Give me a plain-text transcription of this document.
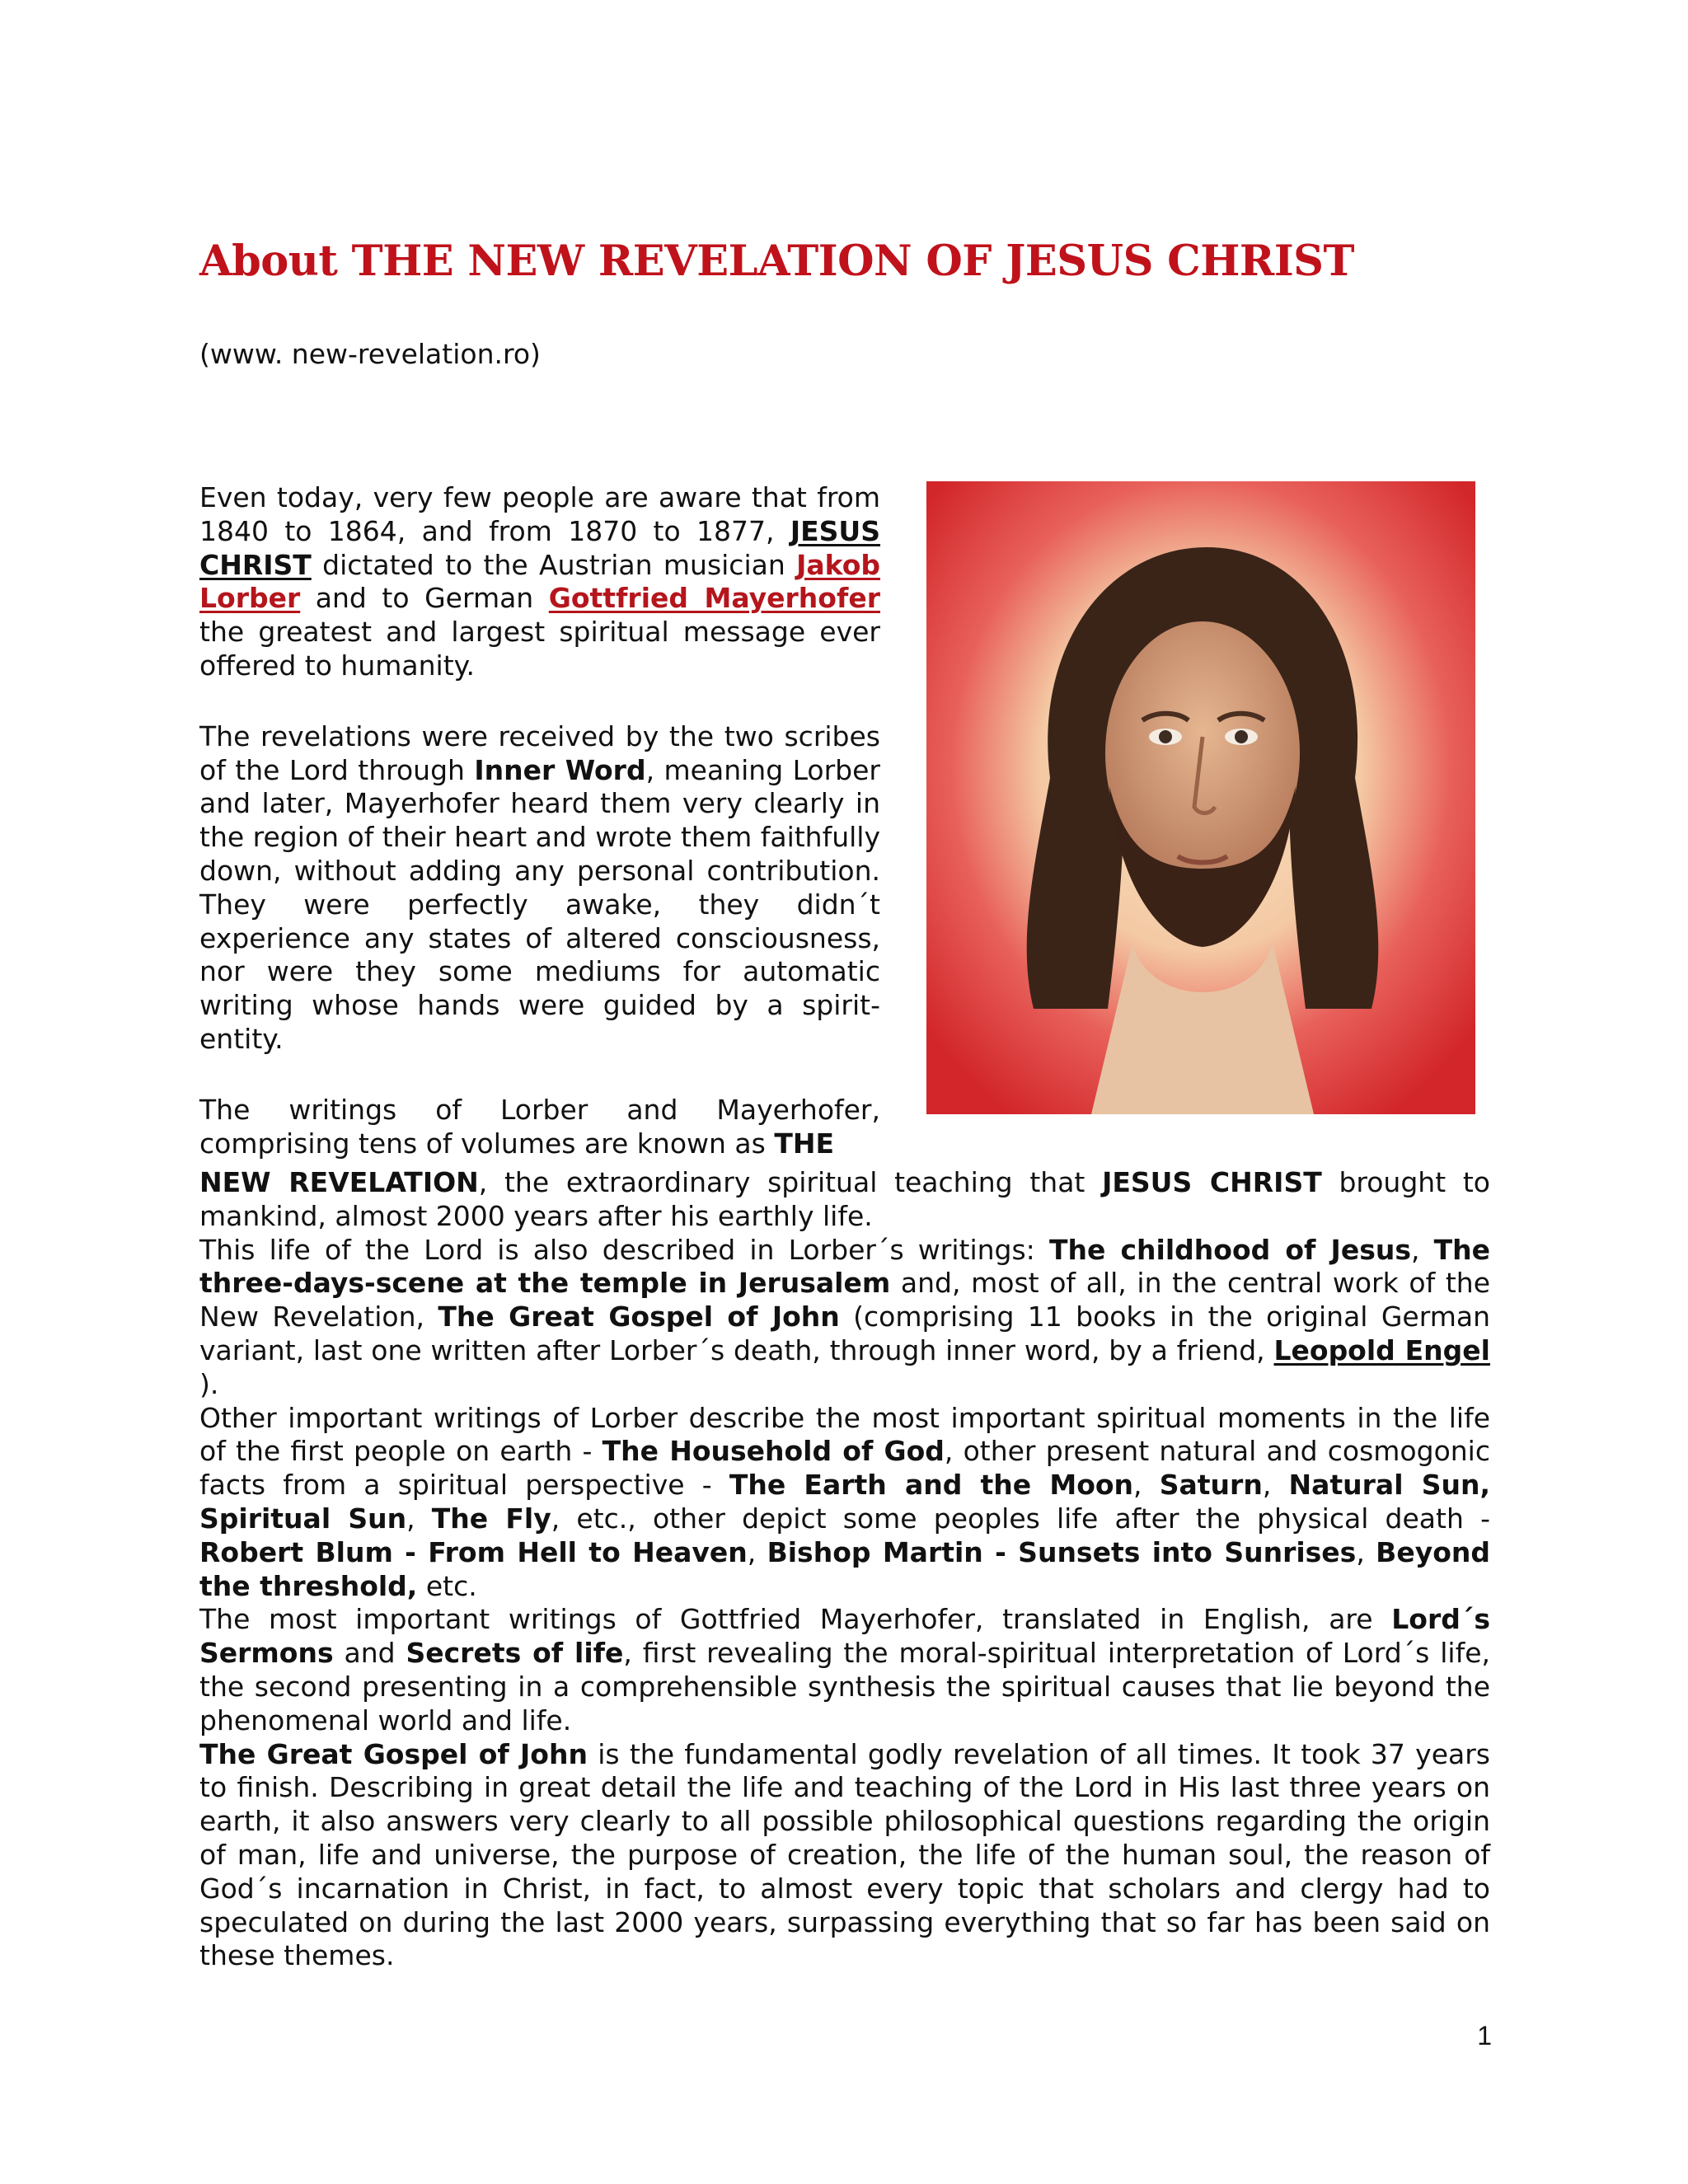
About THE NEW REVELATION OF JESUS CHRIST
(www. new-revelation.ro)

Even today, very few people are aware that from 1840 to 1864, and from 1870 to 1877, JESUS CHRIST dictated to the Austrian musician Jakob Lorber and to German Gottfried Mayerhofer the greatest and largest spiritual message ever offered to humanity.

The revelations were received by the two scribes of the Lord through Inner Word, meaning Lorber and later, Mayerhofer heard them very clearly in the region of their heart and wrote them faithfully down, without adding any personal contribution. They were perfectly awake, they didn´t experience any states of altered consciousness, nor were they some mediums for automatic writing whose hands were guided by a spirit-entity.

The writings of Lorber and Mayerhofer, comprising tens of volumes are known as THE

NEW REVELATION, the extraordinary spiritual teaching that JESUS CHRIST brought to mankind, almost 2000 years after his earthly life.

This life of the Lord is also described in Lorber´s writings: The childhood of Jesus, The three-days-scene at the temple in Jerusalem and, most of all, in the central work of the New Revelation, The Great Gospel of John (comprising 11 books in the original German variant, last one written after Lorber´s death, through inner word, by a friend, Leopold Engel ).

Other important writings of Lorber describe the most important spiritual moments in the life of the first people on earth - The Household of God, other present natural and cosmogonic facts from a spiritual perspective - The Earth and the Moon, Saturn, Natural Sun, Spiritual Sun, The Fly, etc., other depict some peoples life after the physical death - Robert Blum - From Hell to Heaven, Bishop Martin - Sunsets into Sunrises, Beyond the threshold, etc.

The most important writings of Gottfried Mayerhofer, translated in English, are Lord´s Sermons and Secrets of life, first revealing the moral-spiritual interpretation of Lord´s life, the second presenting in a comprehensible synthesis the spiritual causes that lie beyond the phenomenal world and life.

The Great Gospel of John is the fundamental godly revelation of all times. It took 37 years to finish. Describing in great detail the life and teaching of the Lord in His last three years on earth, it also answers very clearly to all possible philosophical questions regarding the origin of man, life and universe, the purpose of creation, the life of the human soul, the reason of God´s incarnation in Christ, in fact, to almost every topic that scholars and clergy had to speculated on during the last 2000 years, surpassing everything that so far has been said on these themes.

1
